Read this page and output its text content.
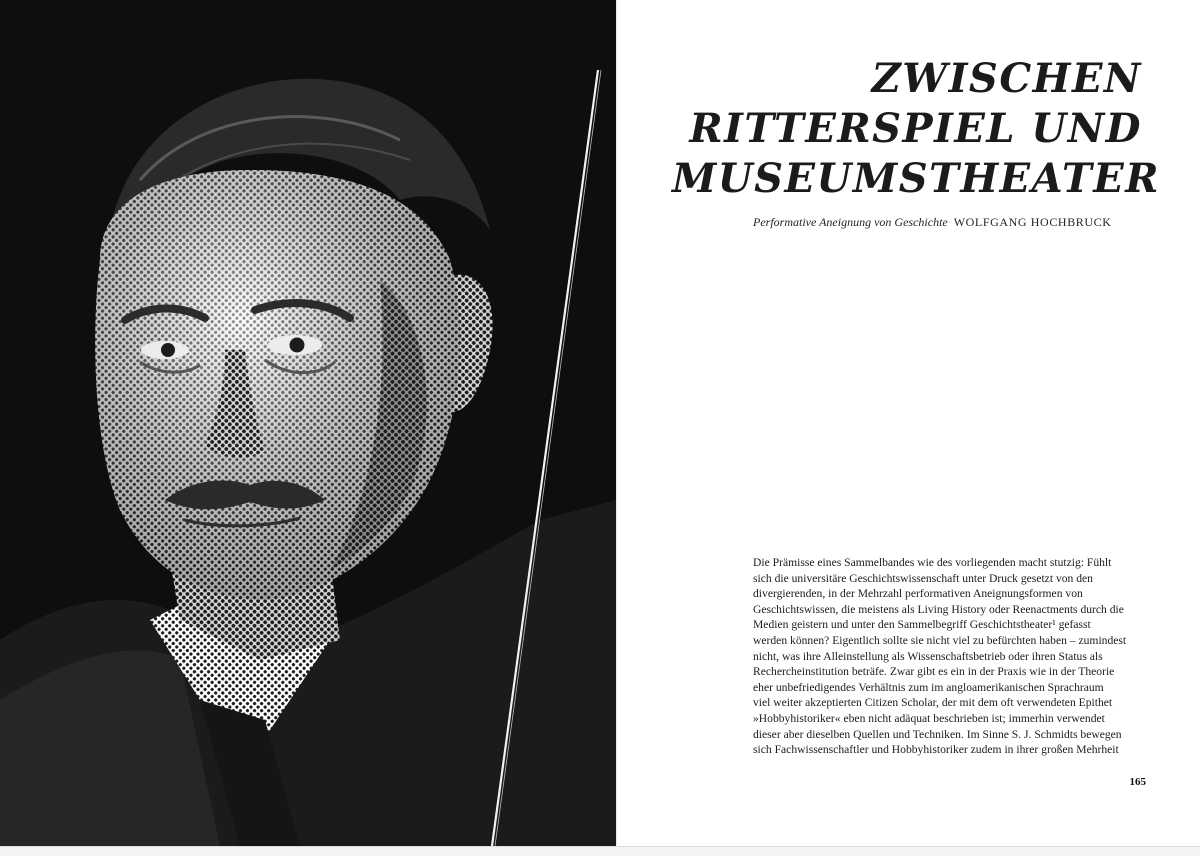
ZWISCHEN
RITTERSPIEL UND
MUSEUMSTHEATER
Performative Aneignung von Geschichte WOLFGANG HOCHBRUCK
Die Prämisse eines Sammelbandes wie des vorliegenden macht stutzig: Fühlt
sich die universitäre Geschichtswissenschaft unter Druck gesetzt von den
divergierenden, in der Mehrzahl performativen Aneignungsformen von
Geschichtswissen, die meistens als Living History oder Reenactments durch die
Medien geistern und unter den Sammelbegriff Geschichtstheater¹ gefasst
werden können? Eigentlich sollte sie nicht viel zu befürchten haben – zumindest
nicht, was ihre Alleinstellung als Wissenschaftsbetrieb oder ihren Status als
Rechercheinstitution beträfe. Zwar gibt es ein in der Praxis wie in der Theorie
eher unbefriedigendes Verhältnis zum im angloamerikanischen Sprachraum
viel weiter akzeptierten Citizen Scholar, der mit dem oft verwendeten Epithet
»Hobbyhistoriker« eben nicht adäquat beschrieben ist; immerhin verwendet
dieser aber dieselben Quellen und Techniken. Im Sinne S. J. Schmidts bewegen
sich Fachwissenschaftler und Hobbyhistoriker zudem in ihrer großen Mehrheit
165
